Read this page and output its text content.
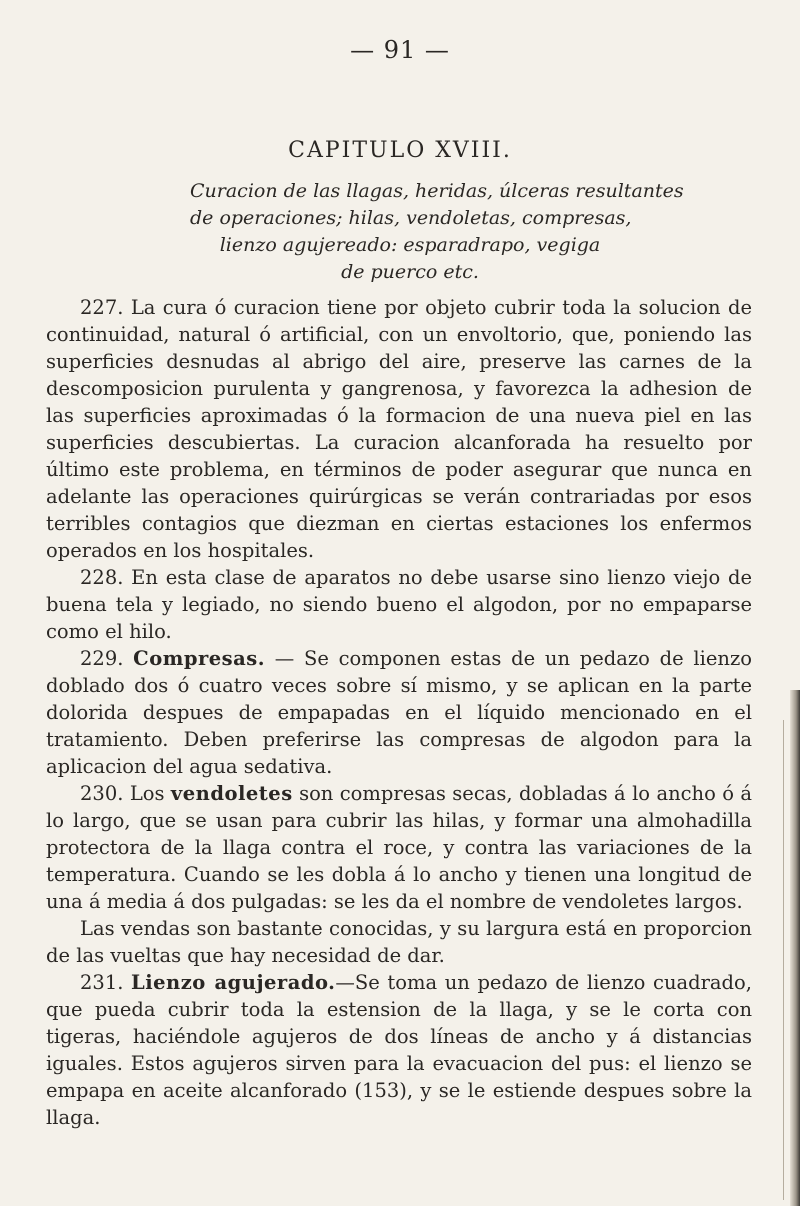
— 91 —
CAPITULO XVIII.
Curacion de las llagas, heridas, úlceras resultantes
de operaciones; hilas, vendoletas, compresas,
lienzo agujereado: esparadrapo, vegiga
de puerco etc.

227. La cura ó curacion tiene por objeto cubrir toda la solucion de continuidad, natural ó artificial, con un envoltorio, que, poniendo las superficies desnudas al abrigo del aire, preserve las carnes de la descomposicion purulenta y gangrenosa, y favorezca la adhesion de las superficies aproximadas ó la formacion de una nueva piel en las superficies descubiertas. La curacion alcanforada ha resuelto por último este problema, en términos de poder asegurar que nunca en adelante las operaciones quirúrgicas se verán contrariadas por esos terribles contagios que diezman en ciertas estaciones los enfermos operados en los hospitales.

228. En esta clase de aparatos no debe usarse sino lienzo viejo de buena tela y legiado, no siendo bueno el algodon, por no empaparse como el hilo.

229. Compresas. — Se componen estas de un pedazo de lienzo doblado dos ó cuatro veces sobre sí mismo, y se aplican en la parte dolorida despues de empapadas en el líquido mencionado en el tratamiento. Deben preferirse las compresas de algodon para la aplicacion del agua sedativa.

230. Los vendoletes son compresas secas, dobladas á lo ancho ó á lo largo, que se usan para cubrir las hilas, y formar una almohadilla protectora de la llaga contra el roce, y contra las variaciones de la temperatura. Cuando se les dobla á lo ancho y tienen una longitud de una á media á dos pulgadas: se les da el nombre de vendoletes largos.

Las vendas son bastante conocidas, y su largura está en proporcion de las vueltas que hay necesidad de dar.

231. Lienzo agujerado.—Se toma un pedazo de lienzo cuadrado, que pueda cubrir toda la estension de la llaga, y se le corta con tigeras, haciéndole agujeros de dos líneas de ancho y á distancias iguales. Estos agujeros sirven para la evacuacion del pus: el lienzo se empapa en aceite alcanforado (153), y se le estiende despues sobre la llaga.
